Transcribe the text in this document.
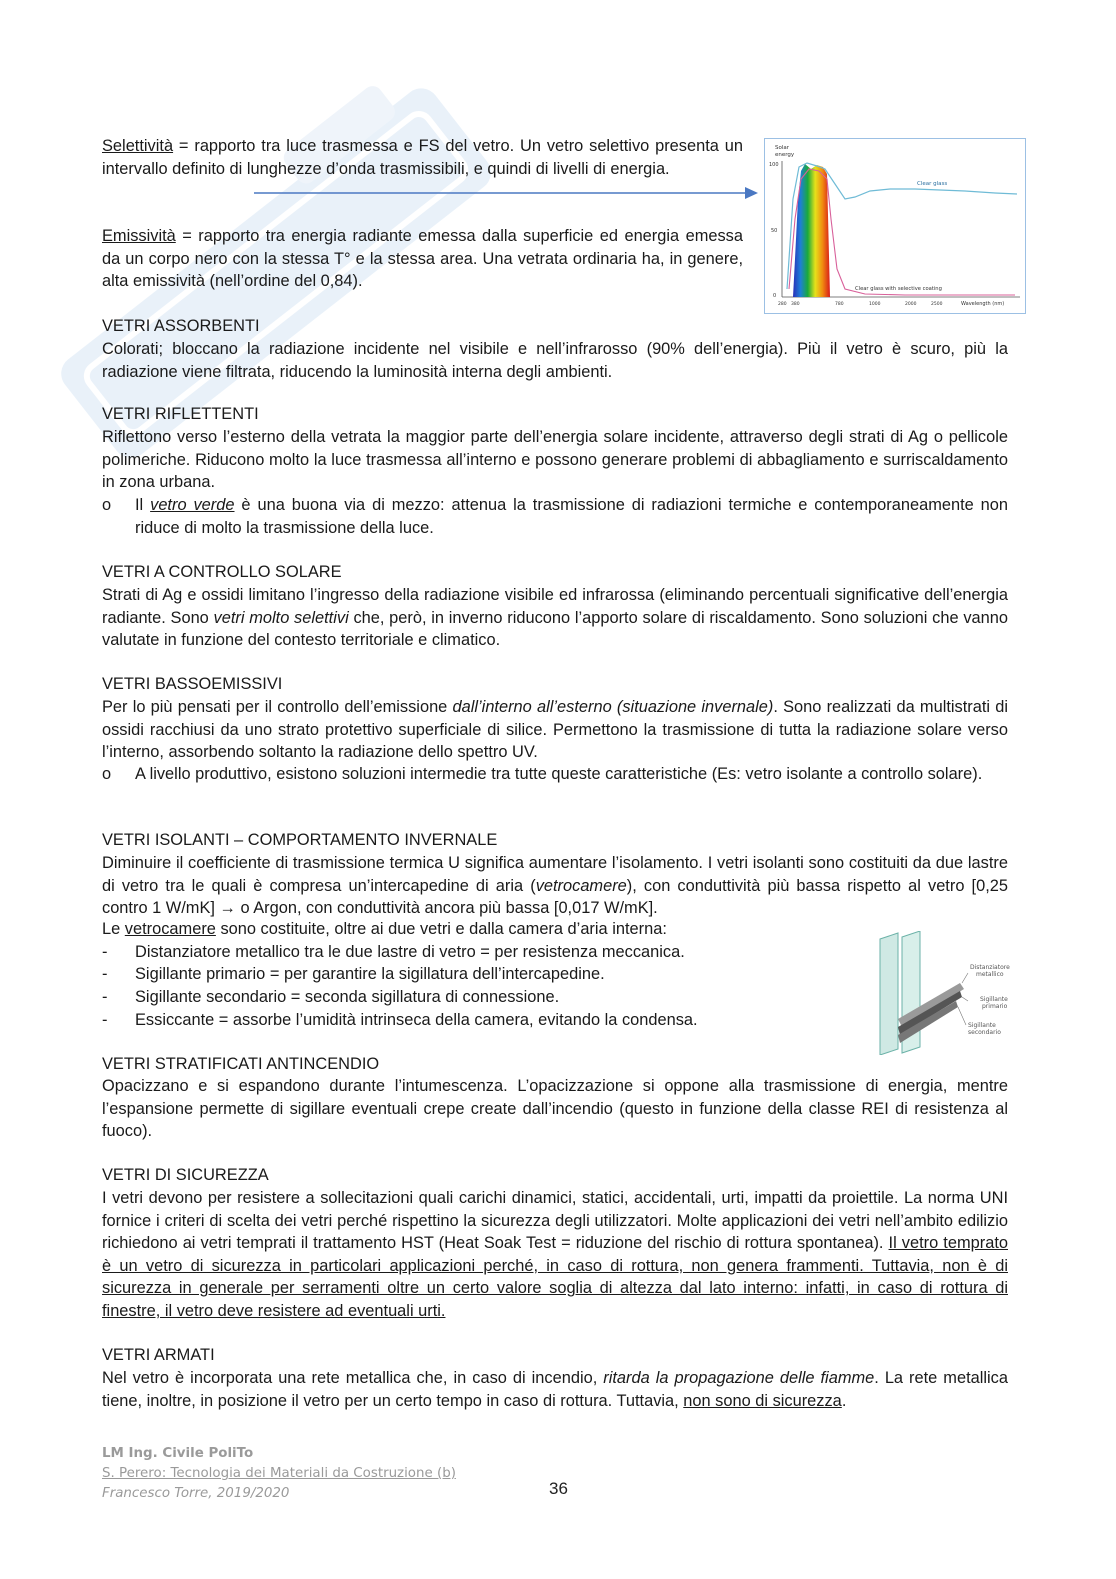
Selettività = rapporto tra luce trasmessa e FS del vetro. Un vetro selettivo presenta un intervallo definito di lunghezze d’onda trasmissibili, e quindi di livelli di energia.
Emissività = rapporto tra energia radiante emessa dalla superficie ed energia emessa da un corpo nero con la stessa T° e la stessa area. Una vetrata ordinaria ha, in genere, alta emissività (nell’ordine del 0,84).
Solar
energy
100
50
0
Clear glass
Clear glass with selective coating
280 380	780	1000	2000	2500	Wavelength (nm)
VETRI ASSORBENTI
Colorati; bloccano la radiazione incidente nel visibile e nell’infrarosso (90% dell’energia). Più il vetro è scuro, più la radiazione viene filtrata, riducendo la luminosità interna degli ambienti.
VETRI RIFLETTENTI
Riflettono verso l’esterno della vetrata la maggior parte dell’energia solare incidente, attraverso degli strati di Ag o pellicole polimeriche. Riducono molto la luce trasmessa all’interno e possono generare problemi di abbagliamento e surriscaldamento in zona urbana.
o Il vetro verde è una buona via di mezzo: attenua la trasmissione di radiazioni termiche e contemporaneamente non riduce di molto la trasmissione della luce.
VETRI A CONTROLLO SOLARE
Strati di Ag e ossidi limitano l’ingresso della radiazione visibile ed infrarossa (eliminando percentuali significative dell’energia radiante. Sono vetri molto selettivi che, però, in inverno riducono l’apporto solare di riscaldamento. Sono soluzioni che vanno valutate in funzione del contesto territoriale e climatico.
VETRI BASSOEMISSIVI
Per lo più pensati per il controllo dell’emissione dall’interno all’esterno (situazione invernale). Sono realizzati da multistrati di ossidi racchiusi da uno strato protettivo superficiale di silice. Permettono la trasmissione di tutta la radiazione solare verso l’interno, assorbendo soltanto la radiazione dello spettro UV.
o A livello produttivo, esistono soluzioni intermedie tra tutte queste caratteristiche (Es: vetro isolante a controllo solare).
VETRI ISOLANTI – COMPORTAMENTO INVERNALE
Diminuire il coefficiente di trasmissione termica U significa aumentare l’isolamento. I vetri isolanti sono costituiti da due lastre di vetro tra le quali è compresa un’intercapedine di aria (vetrocamere), con conduttività più bassa rispetto al vetro [0,25 contro 1 W/mK] → o Argon, con conduttività ancora più bassa [0,017 W/mK].
Le vetrocamere sono costituite, oltre ai due vetri e dalla camera d’aria interna:
- Distanziatore metallico tra le due lastre di vetro = per resistenza meccanica.
- Sigillante primario = per garantire la sigillatura dell’intercapedine.
- Sigillante secondario = seconda sigillatura di connessione.
- Essiccante = assorbe l’umidità intrinseca della camera, evitando la condensa.
Distanziatore
metallico
Sigillante
primario
Sigillante
secondario
VETRI STRATIFICATI ANTINCENDIO
Opacizzano e si espandono durante l’intumescenza. L’opacizzazione si oppone alla trasmissione di energia, mentre l’espansione permette di sigillare eventuali crepe create dall’incendio (questo in funzione della classe REI di resistenza al fuoco).
VETRI DI SICUREZZA
I vetri devono per resistere a sollecitazioni quali carichi dinamici, statici, accidentali, urti, impatti da proiettile. La norma UNI fornice i criteri di scelta dei vetri perché rispettino la sicurezza degli utilizzatori. Molte applicazioni dei vetri nell’ambito edilizio richiedono ai vetri temprati il trattamento HST (Heat Soak Test = riduzione del rischio di rottura spontanea). Il vetro temprato è un vetro di sicurezza in particolari applicazioni perché, in caso di rottura, non genera frammenti. Tuttavia, non è di sicurezza in generale per serramenti oltre un certo valore soglia di altezza dal lato interno: infatti, in caso di rottura di finestre, il vetro deve resistere ad eventuali urti.
VETRI ARMATI
Nel vetro è incorporata una rete metallica che, in caso di incendio, ritarda la propagazione delle fiamme. La rete metallica tiene, inoltre, in posizione il vetro per un certo tempo in caso di rottura. Tuttavia, non sono di sicurezza.
LM Ing. Civile PoliTo
S. Perero: Tecnologia dei Materiali da Costruzione (b)
Francesco Torre, 2019/2020	36
